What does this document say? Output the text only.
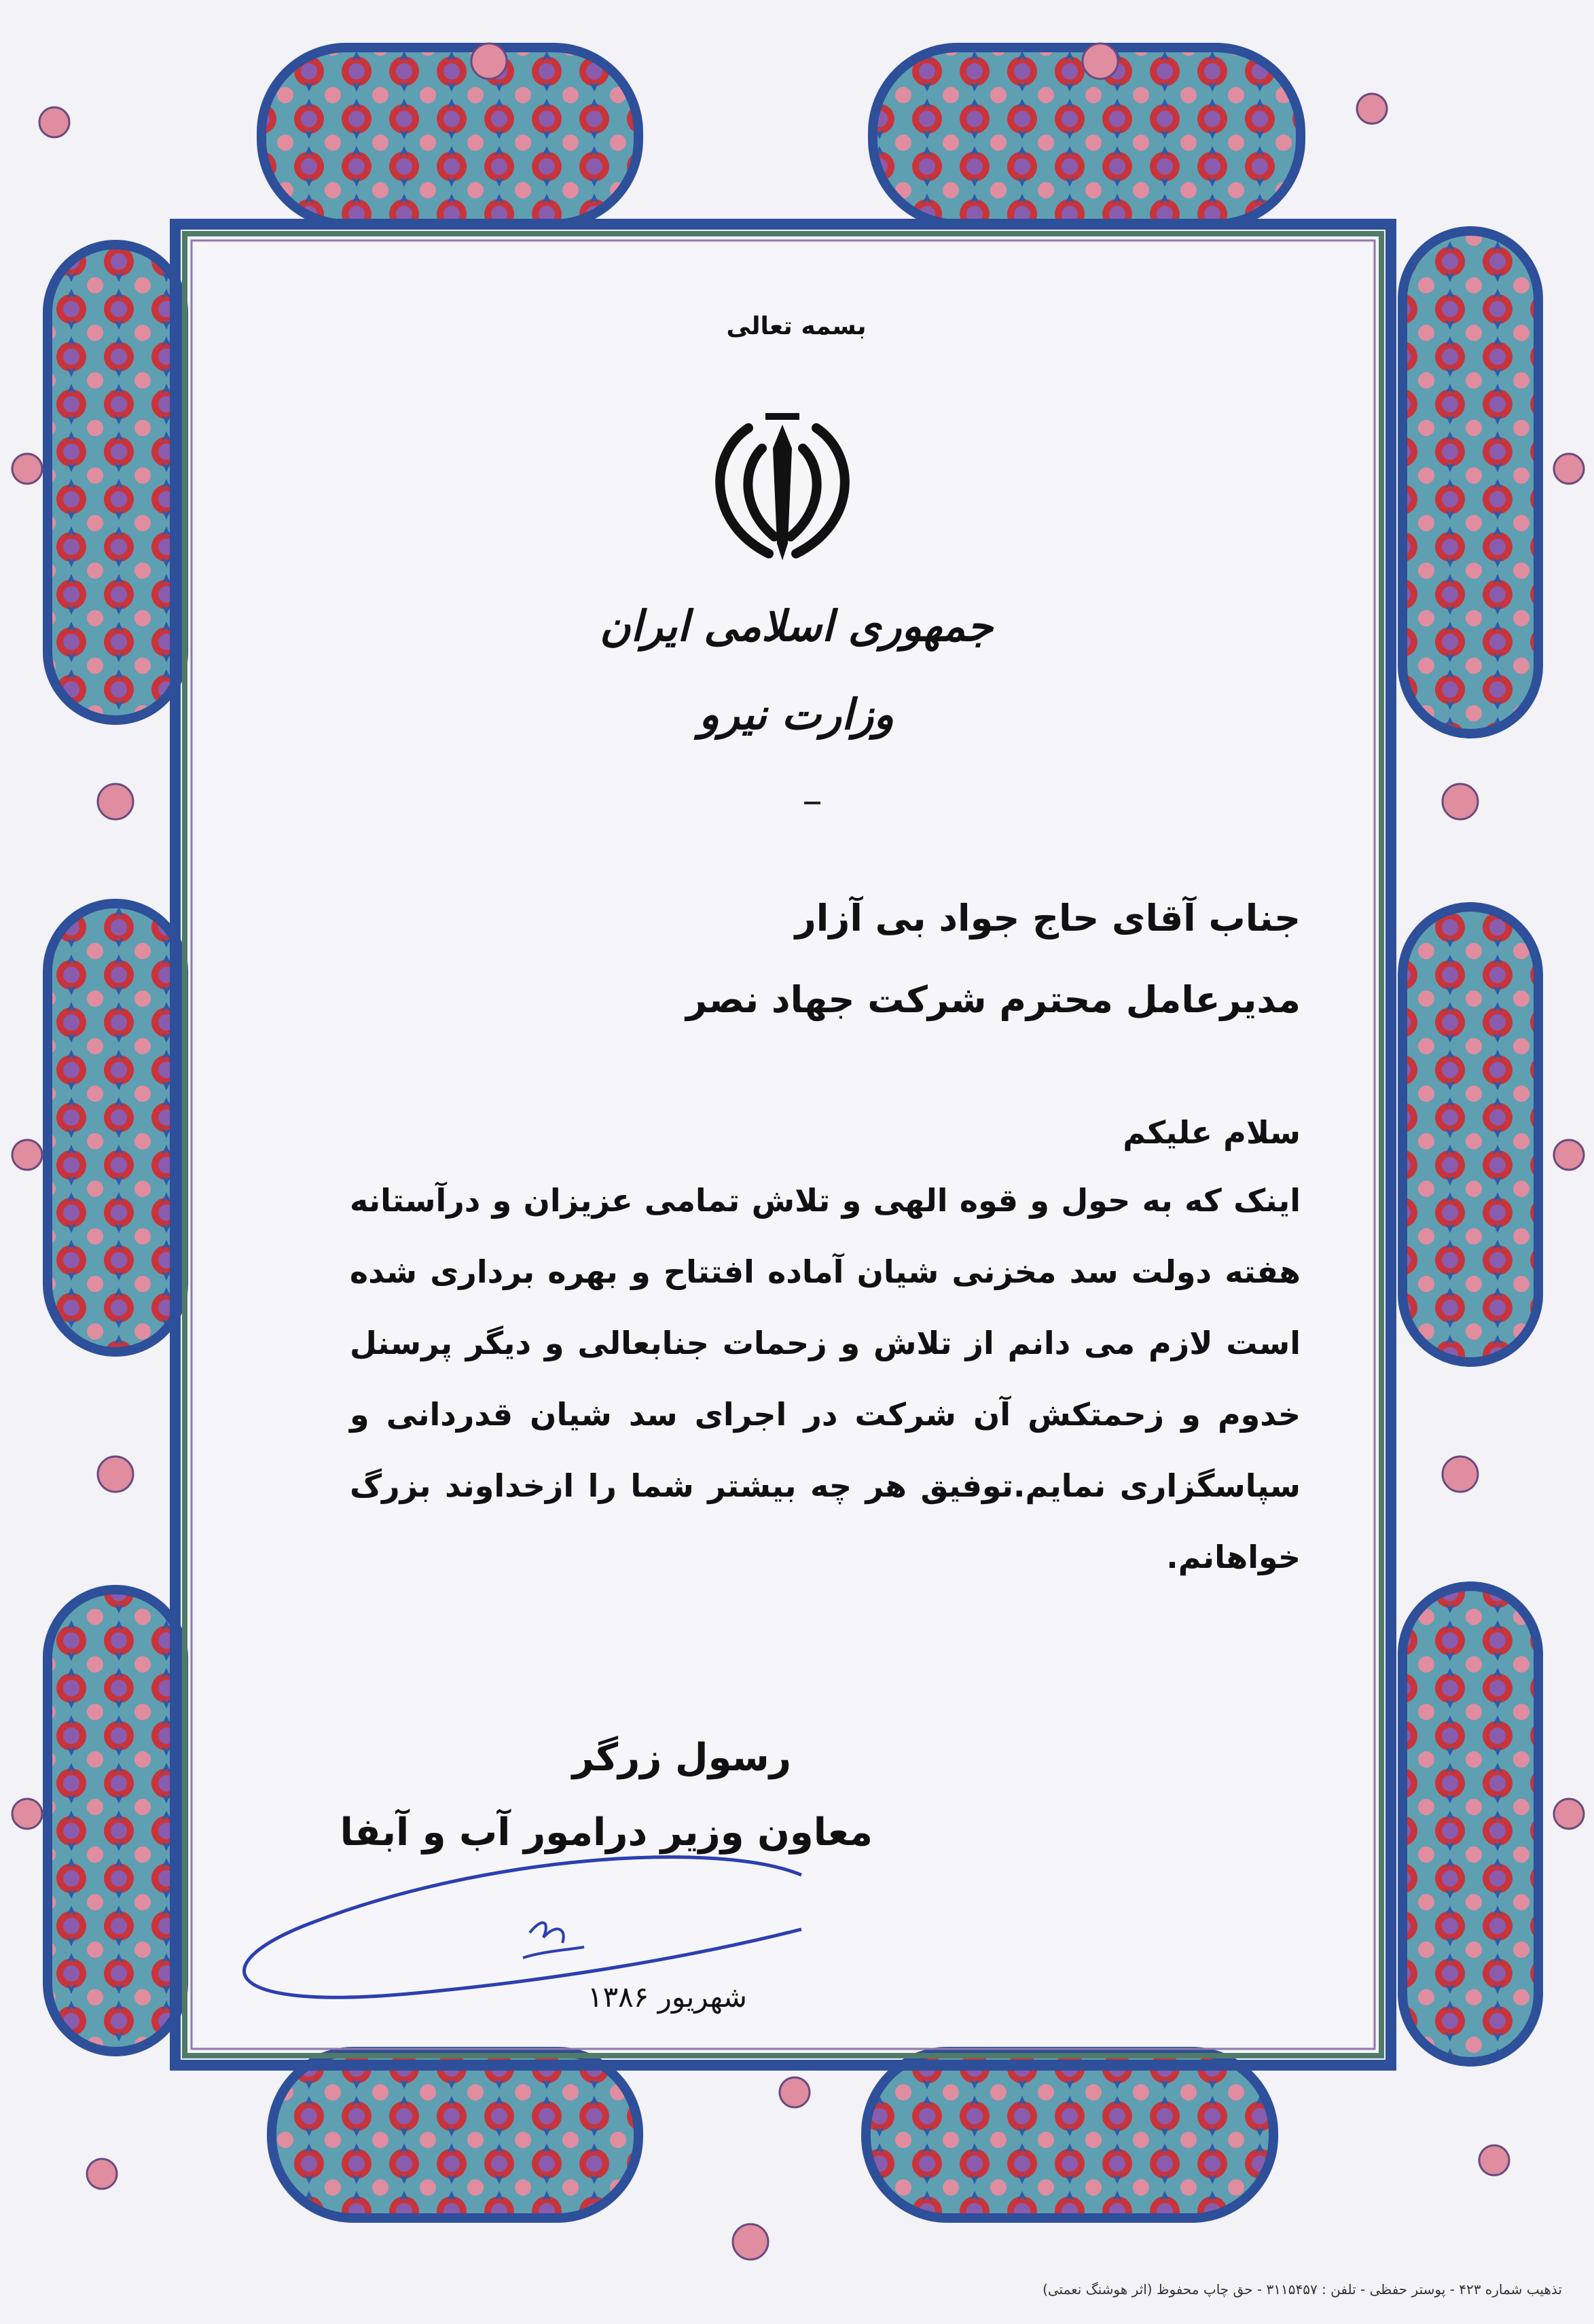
بسمه تعالی
جمهوری اسلامی ایران
وزارت نیرو
جناب آقای حاج جواد بی آزار
مدیرعامل محترم شرکت جهاد نصر
سلام علیکم
اینک که به حول و قوه الهی و تلاش تمامی عزیزان و درآستانه
هفته دولت سد مخزنی شیان آماده افتتاح و بهره برداری شده
است لازم می دانم از تلاش و زحمات جنابعالی و دیگر پرسنل
خدوم و زحمتکش آن شرکت در اجرای سد شیان قدردانی و
سپاسگزاری نمایم.توفیق هر چه بیشتر شما را ازخداوند بزرگ
خواهانم.
رسول زرگر
معاون وزیر درامور آب و آبفا
شهریور ۱۳۸۶
تذهیب شماره ۴۲۳ - پوستر حفظی - تلفن : ۳۱۱۵۴۵۷ - حق چاپ محفوظ (اثر هوشنگ نعمتی)
